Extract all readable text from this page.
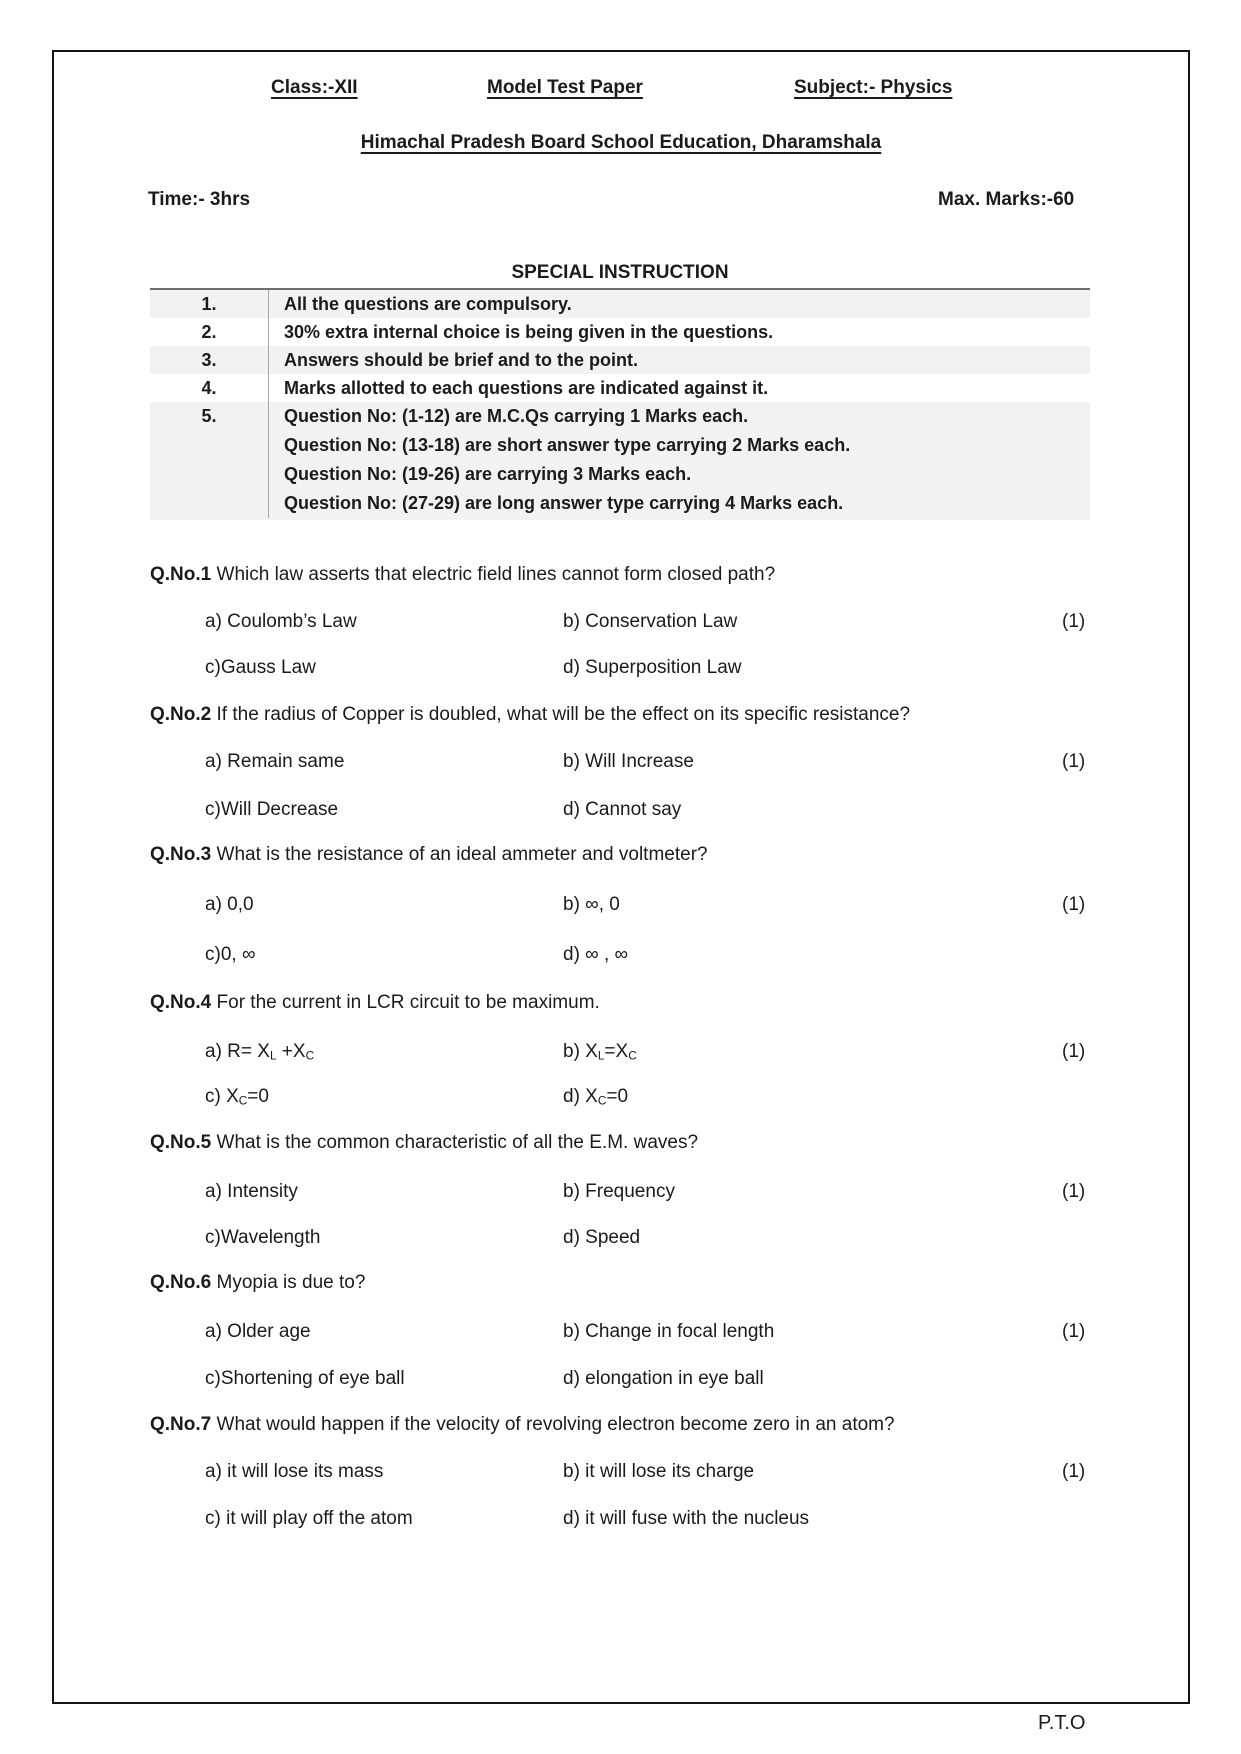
Class:-XII	Model Test Paper	Subject:- Physics
Himachal Pradesh Board School Education, Dharamshala
Time:- 3hrs	Max. Marks:-60
SPECIAL INSTRUCTION
1.	All the questions are compulsory.
2.	30% extra internal choice is being given in the questions.
3.	Answers should be brief and to the point.
4.	Marks allotted to each questions are indicated against it.
5.	Question No: (1-12) are M.C.Qs carrying 1 Marks each.
Question No: (13-18) are short answer type carrying 2 Marks each.
Question No: (19-26) are carrying 3 Marks each.
Question No: (27-29) are long answer type carrying 4 Marks each.
Q.No.1 Which law asserts that electric field lines cannot form closed path?
a) Coulomb’s Law	b) Conservation Law	(1)
c)Gauss Law	d) Superposition Law
Q.No.2 If the radius of Copper is doubled, what will be the effect on its specific resistance?
a) Remain same	b) Will Increase	(1)
c)Will Decrease	d) Cannot say
Q.No.3 What is the resistance of an ideal ammeter and voltmeter?
a) 0,0	b) ∞, 0	(1)
c)0, ∞	d) ∞ , ∞
Q.No.4 For the current in LCR circuit to be maximum.
a) $R= X_L +X_C$	b) $X_L=X_C$	(1)
c) $X_C=0$	d) $X_C=0$
Q.No.5 What is the common characteristic of all the E.M. waves?
a) Intensity	b) Frequency	(1)
c)Wavelength	d) Speed
Q.No.6 Myopia is due to?
a) Older age	b) Change in focal length	(1)
c)Shortening of eye ball	d) elongation in eye ball
Q.No.7 What would happen if the velocity of revolving electron become zero in an atom?
a) it will lose its mass	b) it will lose its charge	(1)
c) it will play off the atom	d) it will fuse with the nucleus
P.T.O
